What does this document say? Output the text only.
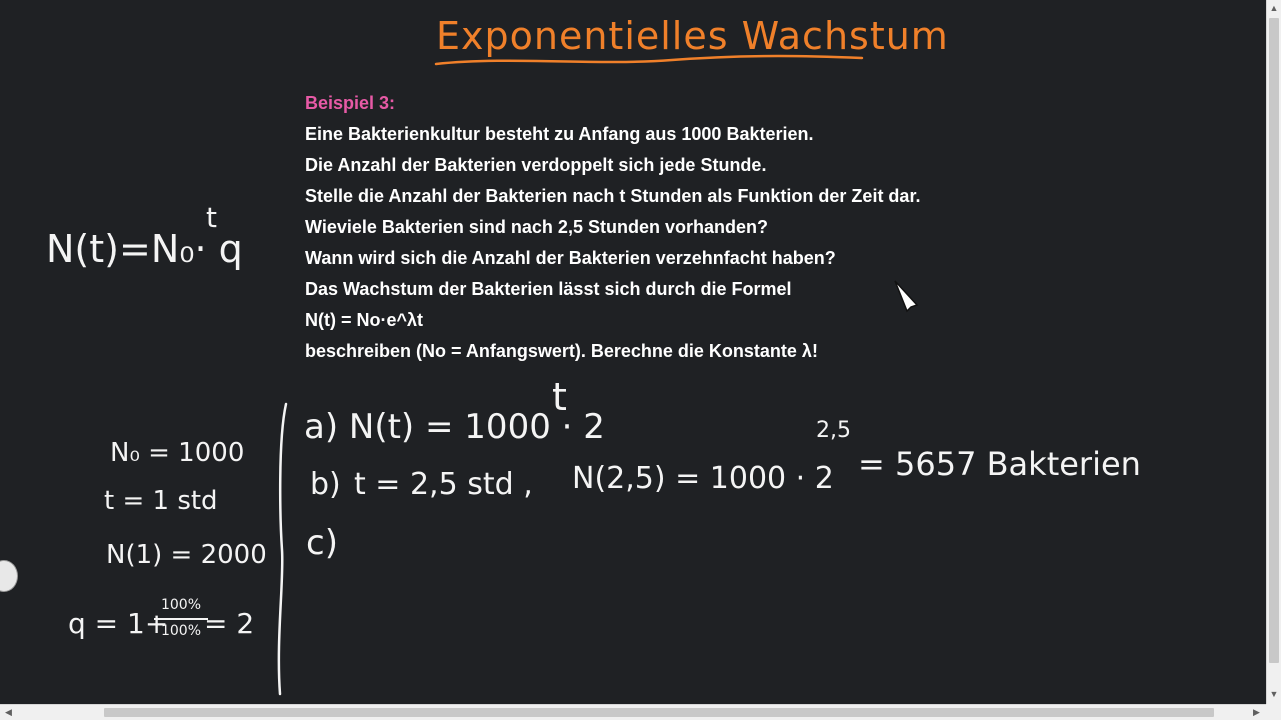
Exponentielles Wachstum
Beispiel 3:
Eine Bakterienkultur besteht zu Anfang aus 1000 Bakterien.
Die Anzahl der Bakterien verdoppelt sich jede Stunde.
Stelle die Anzahl der Bakterien nach t Stunden als Funktion der Zeit dar.
Wieviele Bakterien sind nach 2,5 Stunden vorhanden?
Wann wird sich die Anzahl der Bakterien verzehnfacht haben?
Das Wachstum der Bakterien lässt sich durch die Formel
N(t) = No·e^λt
beschreiben (No = Anfangswert). Berechne die Konstante λ!
N(t)=N₀· q
t
N₀ = 1000
t = 1 std
N(1) = 2000
q = 1+
100%
100% = 2
a) N(t) = 1000 · 2
t
b) t = 2,5 std , N(2,5) = 1000 · 2
2,5
= 5657 Bakterien
c)
▲
▼
◀	▶
